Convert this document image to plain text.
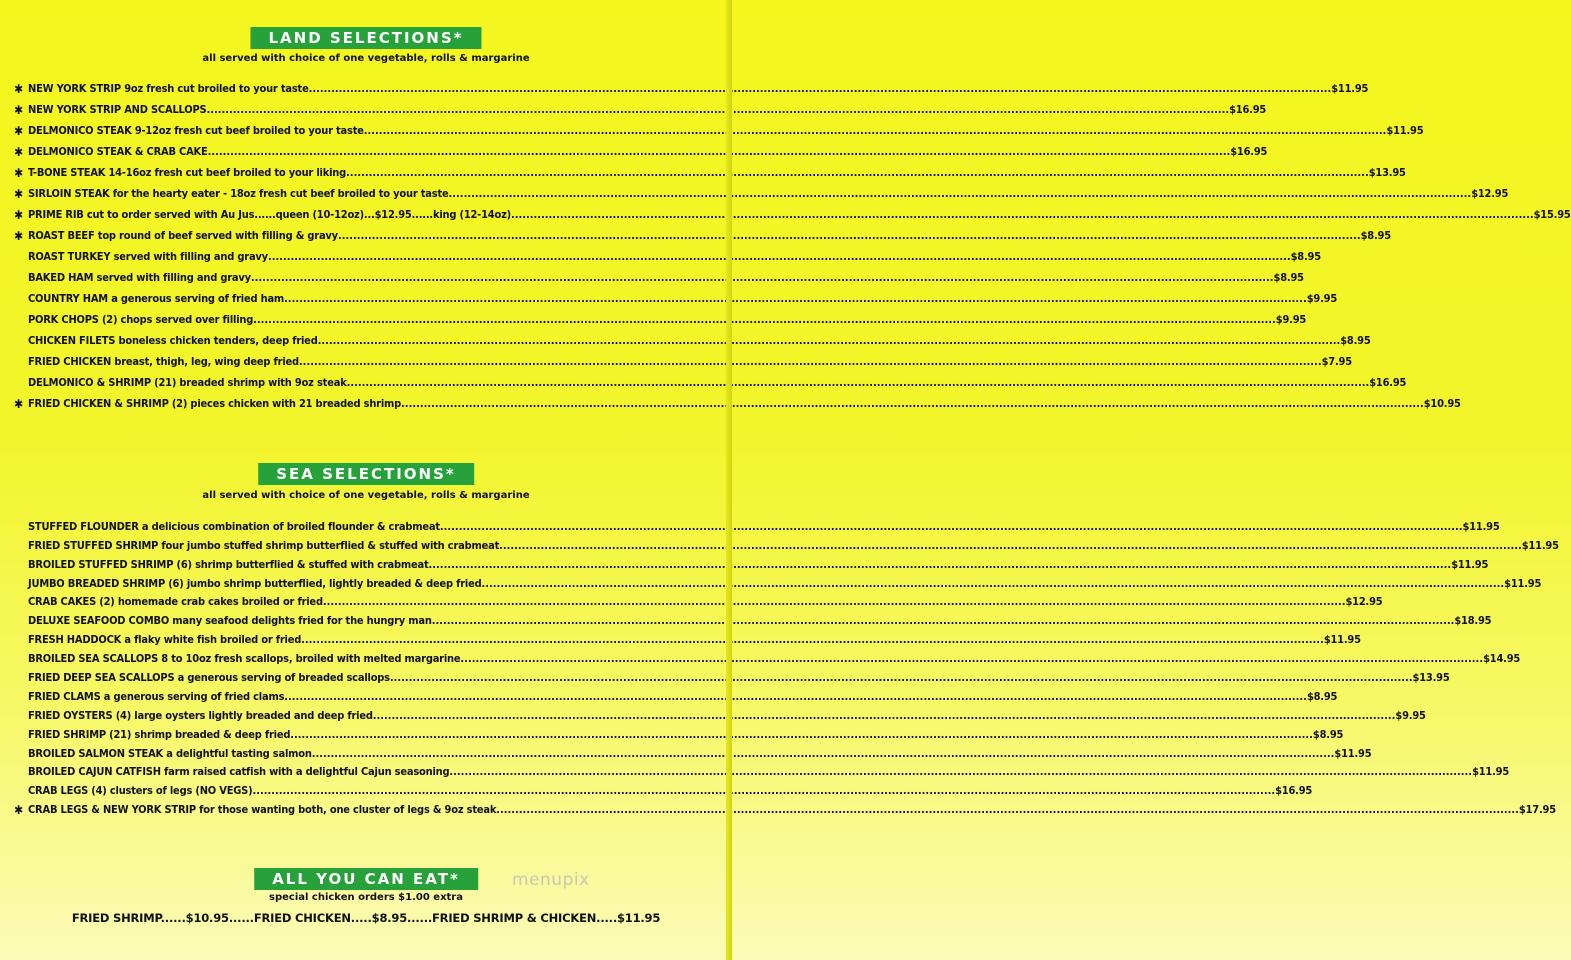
LAND SELECTIONS*
all served with choice of one vegetable, rolls & margarine
✱ NEW YORK STRIP 9oz fresh cut broiled to your taste .....	$11.95
✱ NEW YORK STRIP AND SCALLOPS .....	$16.95
✱ DELMONICO STEAK 9-12oz fresh cut beef broiled to your taste .....	$11.95
✱ DELMONICO STEAK & CRAB CAKE .....	$16.95
✱ T-BONE STEAK 14-16oz fresh cut beef broiled to your liking .....	$13.95
✱ SIRLOIN STEAK for the hearty eater - 18oz fresh cut beef broiled to your taste .....	$12.95
✱ PRIME RIB cut to order served with Au Jus......queen (10-12oz)...$12.95......king (12-14oz) .....	$15.95
✱ ROAST BEEF top round of beef served with filling & gravy .....	$8.95
ROAST TURKEY served with filling and gravy .....	$8.95
BAKED HAM served with filling and gravy .....	$8.95
COUNTRY HAM a generous serving of fried ham .....	$9.95
PORK CHOPS (2) chops served over filling .....	$9.95
CHICKEN FILETS boneless chicken tenders, deep fried .....	$8.95
FRIED CHICKEN breast, thigh, leg, wing deep fried .....	$7.95
DELMONICO & SHRIMP (21) breaded shrimp with 9oz steak .....	$16.95
✱ FRIED CHICKEN & SHRIMP (2) pieces chicken with 21 breaded shrimp .....	$10.95
SEA SELECTIONS*
all served with choice of one vegetable, rolls & margarine
STUFFED FLOUNDER a delicious combination of broiled flounder & crabmeat .....	$11.95
FRIED STUFFED SHRIMP four jumbo stuffed shrimp butterflied & stuffed with crabmeat .....	$11.95
BROILED STUFFED SHRIMP (6) shrimp butterflied & stuffed with crabmeat .....	$11.95
JUMBO BREADED SHRIMP (6) jumbo shrimp butterflied, lightly breaded & deep fried .....	$11.95
CRAB CAKES (2) homemade crab cakes broiled or fried .....	$12.95
DELUXE SEAFOOD COMBO many seafood delights fried for the hungry man .....	$18.95
FRESH HADDOCK a flaky white fish broiled or fried .....	$11.95
BROILED SEA SCALLOPS 8 to 10oz fresh scallops, broiled with melted margarine .....	$14.95
FRIED DEEP SEA SCALLOPS a generous serving of breaded scallops .....	$13.95
FRIED CLAMS a generous serving of fried clams .....	$8.95
FRIED OYSTERS (4) large oysters lightly breaded and deep fried .....	$9.95
FRIED SHRIMP (21) shrimp breaded & deep fried .....	$8.95
BROILED SALMON STEAK a delightful tasting salmon .....	$11.95
BROILED CAJUN CATFISH farm raised catfish with a delightful Cajun seasoning .....	$11.95
CRAB LEGS (4) clusters of legs (NO VEGS) .....	$16.95
✱ CRAB LEGS & NEW YORK STRIP for those wanting both, one cluster of legs & 9oz steak .....	$17.95
ALL YOU CAN EAT*
special chicken orders $1.00 extra
FRIED SHRIMP......$10.95......FRIED CHICKEN.....$8.95......FRIED SHRIMP & CHICKEN.....$11.95
menupix
